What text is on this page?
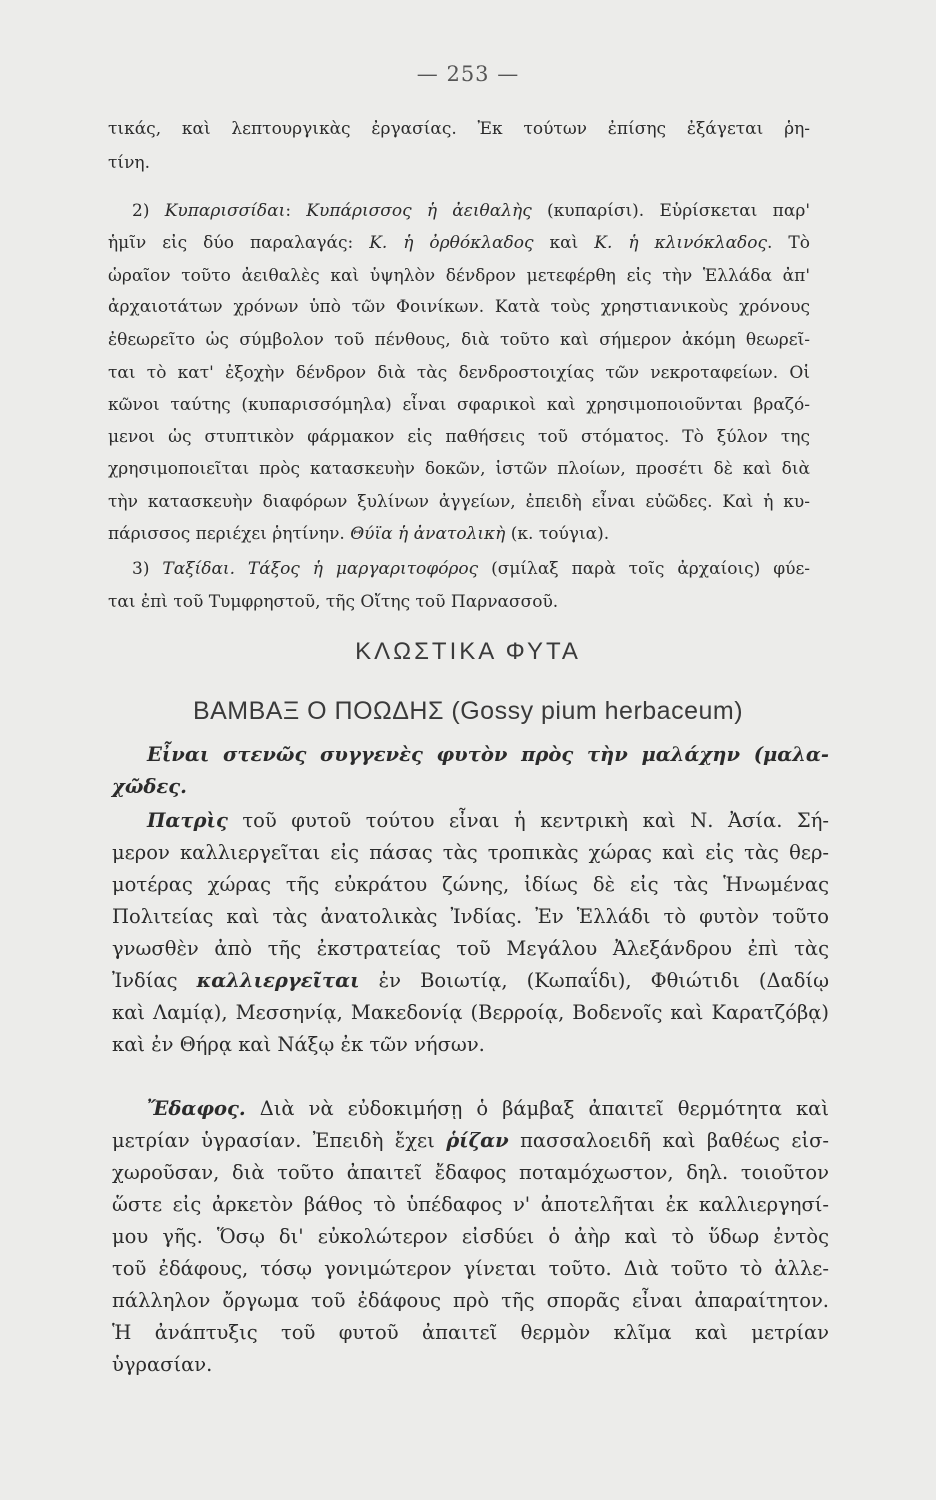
— 253 —
τικάς, καὶ λεπτουργικὰς ἐργασίας. Ἐκ τούτων ἐπίσης ἐξάγεται ῥη-
τίνη.
2) Κυπαρισσίδαι: Κυπάρισσος ἡ ἀειθαλὴς (κυπαρίσι). Εὑρίσκεται παρ'
ἡμῖν εἰς δύο παραλαγάς: Κ. ἡ ὀρθόκλαδος καὶ Κ. ἡ κλινόκλαδος. Τὸ
ὡραῖον τοῦτο ἀειθαλὲς καὶ ὑψηλὸν δένδρον μετεφέρθη εἰς τὴν Ἑλλάδα ἀπ'
ἀρχαιοτάτων χρόνων ὑπὸ τῶν Φοινίκων. Κατὰ τοὺς χρηστιανικοὺς χρόνους
ἐθεωρεῖτο ὡς σύμβολον τοῦ πένθους, διὰ τοῦτο καὶ σήμερον ἀκόμη θεωρεῖ-
ται τὸ κατ' ἐξοχὴν δένδρον διὰ τὰς δενδροστοιχίας τῶν νεκροταφείων. Οἱ
κῶνοι ταύτης (κυπαρισσόμηλα) εἶναι σφαρικοὶ καὶ χρησιμοποιοῦνται βραζό-
μενοι ὡς στυπτικὸν φάρμακον εἰς παθήσεις τοῦ στόματος. Τὸ ξύλον της
χρησιμοποιεῖται πρὸς κατασκευὴν δοκῶν, ἱστῶν πλοίων, προσέτι δὲ καὶ διὰ
τὴν κατασκευὴν διαφόρων ξυλίνων ἀγγείων, ἐπειδὴ εἶναι εὐῶδες. Καὶ ἡ κυ-
πάρισσος περιέχει ῥητίνην. Θύϊα ἡ ἀνατολικὴ (κ. τούγια).
3) Ταξίδαι. Τάξος ἡ μαργαριτοφόρος (σμίλαξ παρὰ τοῖς ἀρχαίοις) φύε-
ται ἐπὶ τοῦ Τυμφρηστοῦ, τῆς Οἴτης τοῦ Παρνασσοῦ.
ΚΛΩΣΤΙΚΑ ΦΥΤΑ
ΒΑΜΒΑΞ Ο ΠΟΩΔΗΣ (Gossy pium herbaceum)
Εἶναι στενῶς συγγενὲς φυτὸν πρὸς τὴν μαλάχην (μαλα-
χῶδες.
Πατρὶς τοῦ φυτοῦ τούτου εἶναι ἡ κεντρικὴ καὶ Ν. Ἀσία. Σή-
μερον καλλιεργεῖται εἰς πάσας τὰς τροπικὰς χώρας καὶ εἰς τὰς θερ-
μοτέρας χώρας τῆς εὐκράτου ζώνης, ἰδίως δὲ εἰς τὰς Ἡνωμένας
Πολιτείας καὶ τὰς ἀνατολικὰς Ἰνδίας. Ἐν Ἑλλάδι τὸ φυτὸν τοῦτο
γνωσθὲν ἀπὸ τῆς ἐκστρατείας τοῦ Μεγάλου Ἀλεξάνδρου ἐπὶ τὰς
Ἰνδίας καλλιεργεῖται ἐν Βοιωτίᾳ, (Κωπαΐδι), Φθιώτιδι (Δαδίῳ
καὶ Λαμίᾳ), Μεσσηνίᾳ, Μακεδονίᾳ (Βερροίᾳ, Βοδενοῖς καὶ Καρατζόβᾳ)
καὶ ἐν Θήρᾳ καὶ Νάξῳ ἐκ τῶν νήσων.
Ἔδαφος. Διὰ νὰ εὐδοκιμήσῃ ὁ βάμβαξ ἀπαιτεῖ θερμότητα καὶ
μετρίαν ὑγρασίαν. Ἐπειδὴ ἔχει ῥίζαν πασσαλοειδῆ καὶ βαθέως εἰσ-
χωροῦσαν, διὰ τοῦτο ἀπαιτεῖ ἔδαφος ποταμόχωστον, δηλ. τοιοῦτον
ὥστε εἰς ἀρκετὸν βάθος τὸ ὑπέδαφος ν' ἀποτελῆται ἐκ καλλιεργησί-
μου γῆς. Ὅσῳ δι' εὐκολώτερον εἰσδύει ὁ ἀὴρ καὶ τὸ ὕδωρ ἐντὸς
τοῦ ἐδάφους, τόσῳ γονιμώτερον γίνεται τοῦτο. Διὰ τοῦτο τὸ ἀλλε-
πάλληλον ὄργωμα τοῦ ἐδάφους πρὸ τῆς σπορᾶς εἶναι ἀπαραίτητον.
Ἡ ἀνάπτυξις τοῦ φυτοῦ ἀπαιτεῖ θερμὸν κλῖμα καὶ μετρίαν
ὑγρασίαν.
